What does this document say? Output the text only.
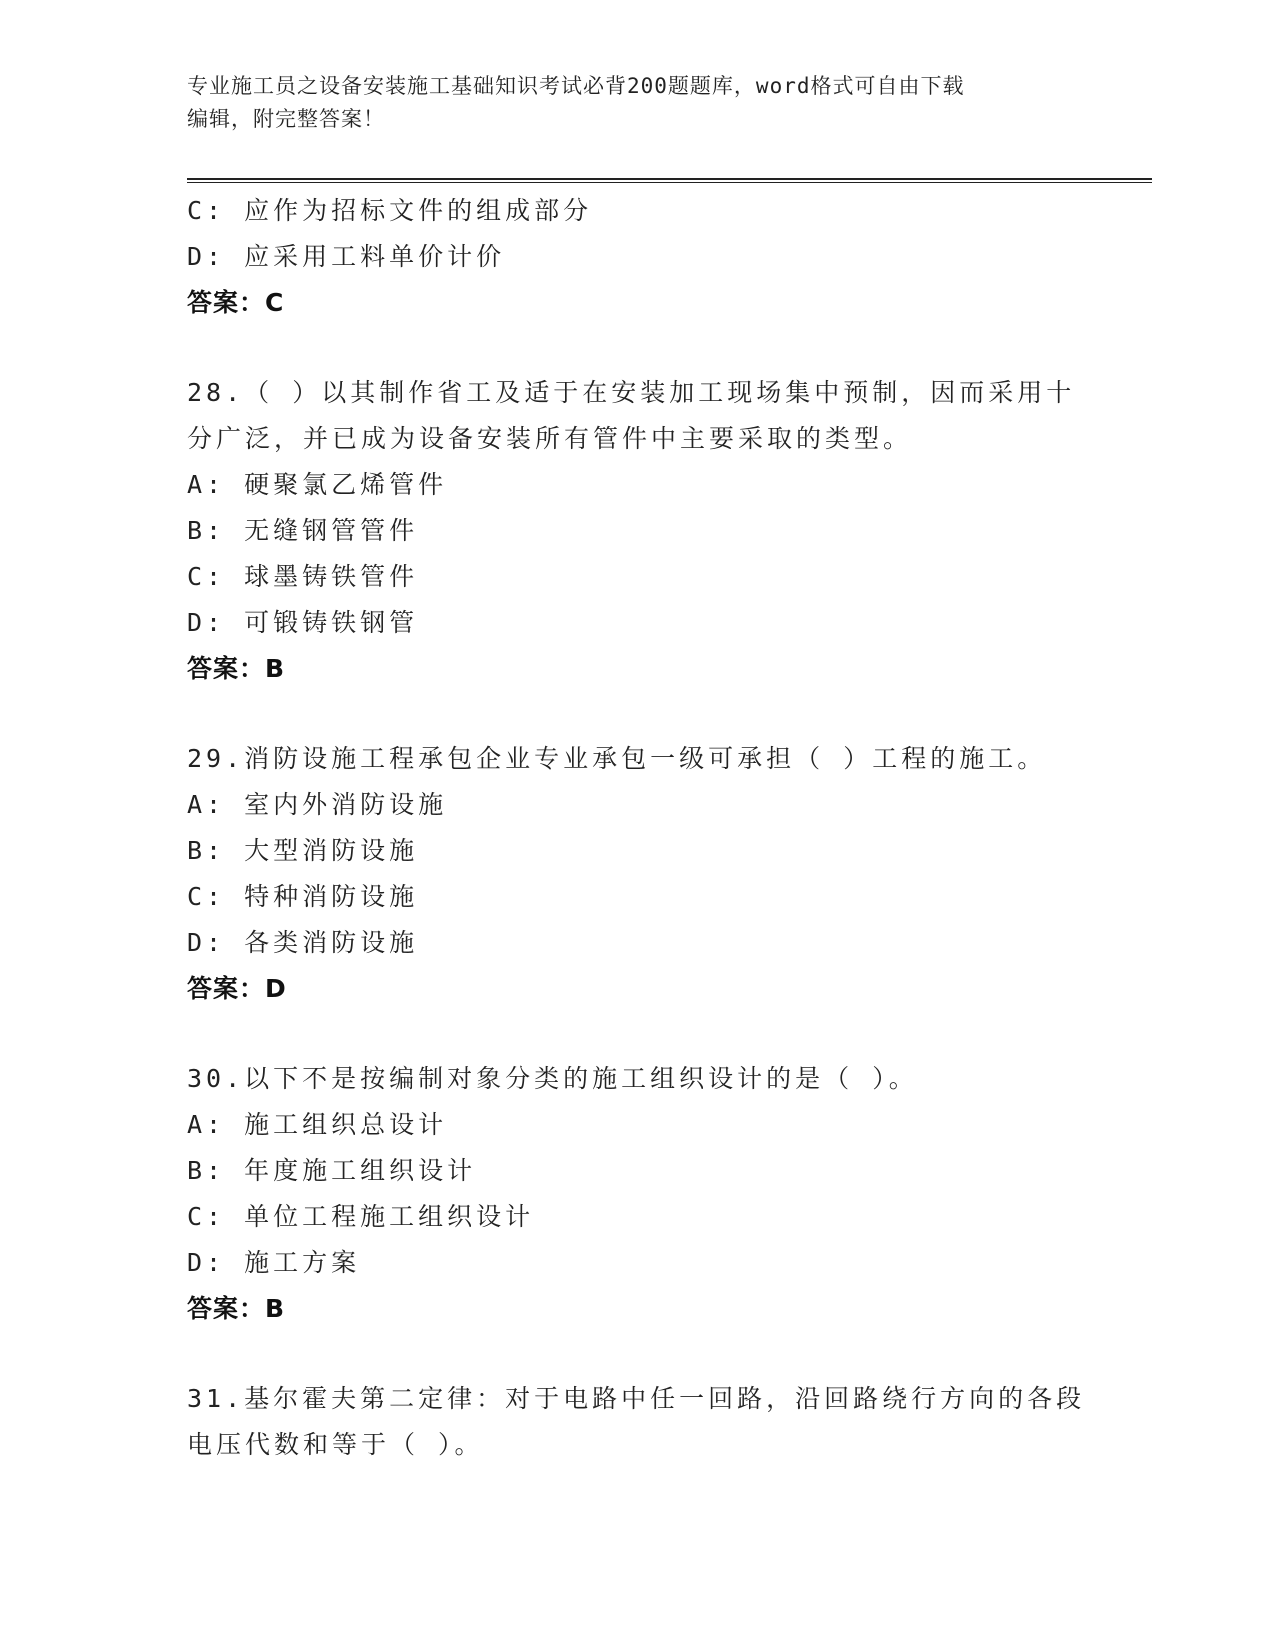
专业施工员之设备安装施工基础知识考试必背200题题库，word格式可自由下载
编辑，附完整答案！
C: 应作为招标文件的组成部分
D: 应采用工料单价计价
答案：C
28.（ ）以其制作省工及适于在安装加工现场集中预制，因而采用十
分广泛，并已成为设备安装所有管件中主要采取的类型。
A: 硬聚氯乙烯管件
B: 无缝钢管管件
C: 球墨铸铁管件
D: 可锻铸铁钢管
答案：B
29.消防设施工程承包企业专业承包一级可承担（ ）工程的施工。
A: 室内外消防设施
B: 大型消防设施
C: 特种消防设施
D: 各类消防设施
答案：D
30.以下不是按编制对象分类的施工组织设计的是（ ）。
A: 施工组织总设计
B: 年度施工组织设计
C: 单位工程施工组织设计
D: 施工方案
答案：B
31.基尔霍夫第二定律：对于电路中任一回路，沿回路绕行方向的各段
电压代数和等于（ ）。
